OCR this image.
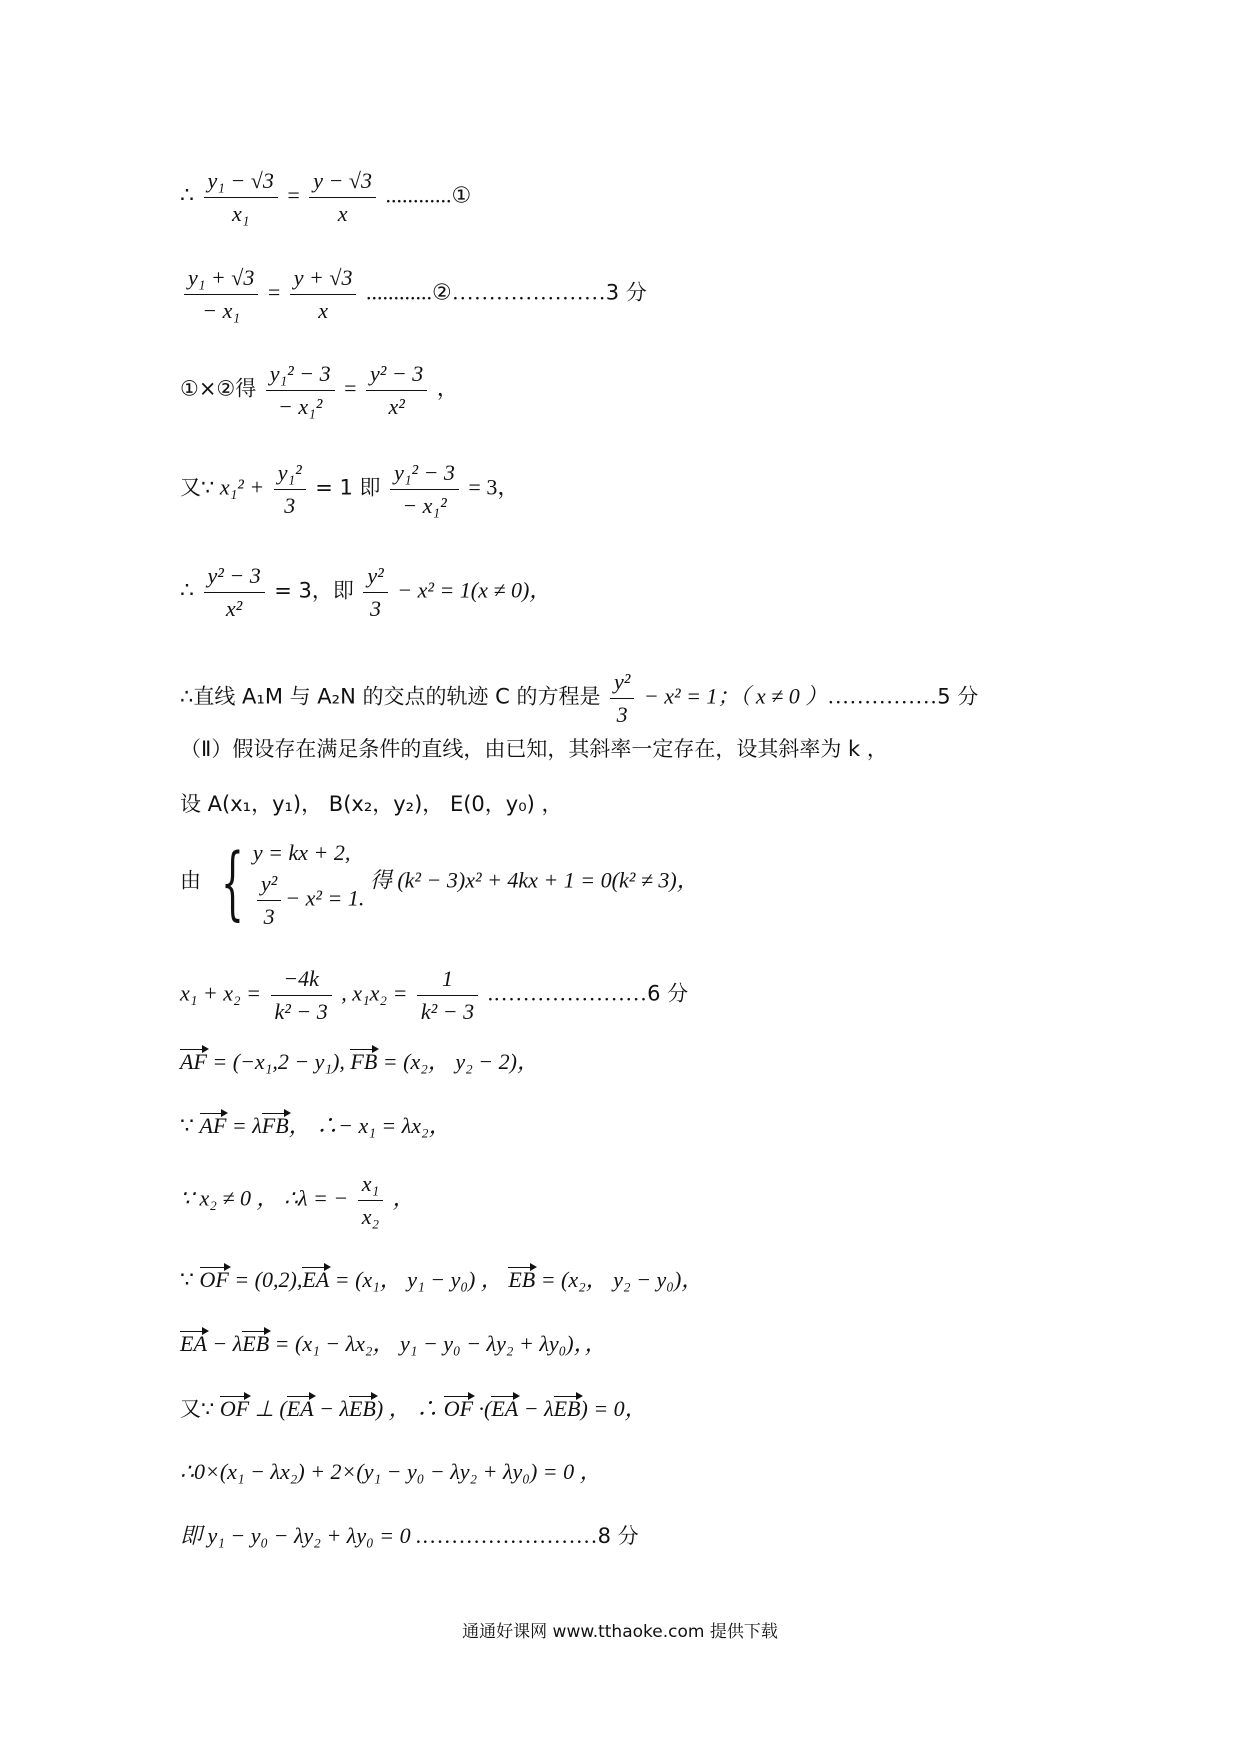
∴ $\frac{\text{y₁ − √3}}{\text{x₁}} = \frac{y - √3}{x}$ ............①
$\frac{\text{y₁ + √3}}{\text{− x₁}} = \frac{y + √3}{x}$ ............②…………………3 分
①×②得 $\frac{\text{y₁² − 3}}{\text{− x₁²}} = \frac{\text{y² − 3}}{\text{x²}}$ ，
又∵ $x_1^2 + \frac{\text{y₁²}}{3} = 1$ 即 $\frac{\text{y₁² − 3}}{\text{− x₁²}} = 3$，
∴ $\frac{\text{y² − 3}}{\text{x²}} = 3$，即 $\frac{\text{y²}}{3} - x^2 = 1(x \ne 0)$，
∴直线 A₁M 与 A₂N 的交点的轨迹 C 的方程是 $\frac{\text{y²}}{3} - x^2 = 1$；（ x ≠ 0 ）……………5 分
（Ⅱ）假设存在满足条件的直线，由已知，其斜率一定存在，设其斜率为 k ，
设 A(x₁，y₁)， B(x₂，y₂)， E(0，y₀) ，
由 { y = kx + 2,
$\frac{\text{y²}}{3} - x^2 = 1$.
得 (k² − 3)x² + 4kx + 1 = 0(k² ≠ 3)，
$x_1 + x_2 = \frac{-4k}{\text{k² − 3}}$ , $x_1x_2 = \frac{1}{\text{k² − 3}}$ .…………………6 分
AF = (−x₁,2 − y₁), FB = (x₂， y₂ − 2)，
∵ AF = λFB， ∴− x₁ = λx₂，
∵ x₂ ≠ 0 ， ∴λ = − $\frac{\text{x₁}}{\text{x₂}}$ ，
∵ OF = (0,2),EA = (x₁， y₁ − y₀) ， EB = (x₂， y₂ − y₀)，
EA − λEB = (x₁ − λx₂， y₁ − y₀ − λy₂ + λy₀)，，
又∵ OF ⊥ (EA − λEB) ， ∴ OF ·(EA − λEB) = 0，
∴0×(x₁ − λx₂) + 2×(y₁ − y₀ − λy₂ + λy₀) = 0 ，
即 y₁ − y₀ − λy₂ + λy₀ = 0 .……………………8 分
通通好课网 www.tthaoke.com 提供下载
